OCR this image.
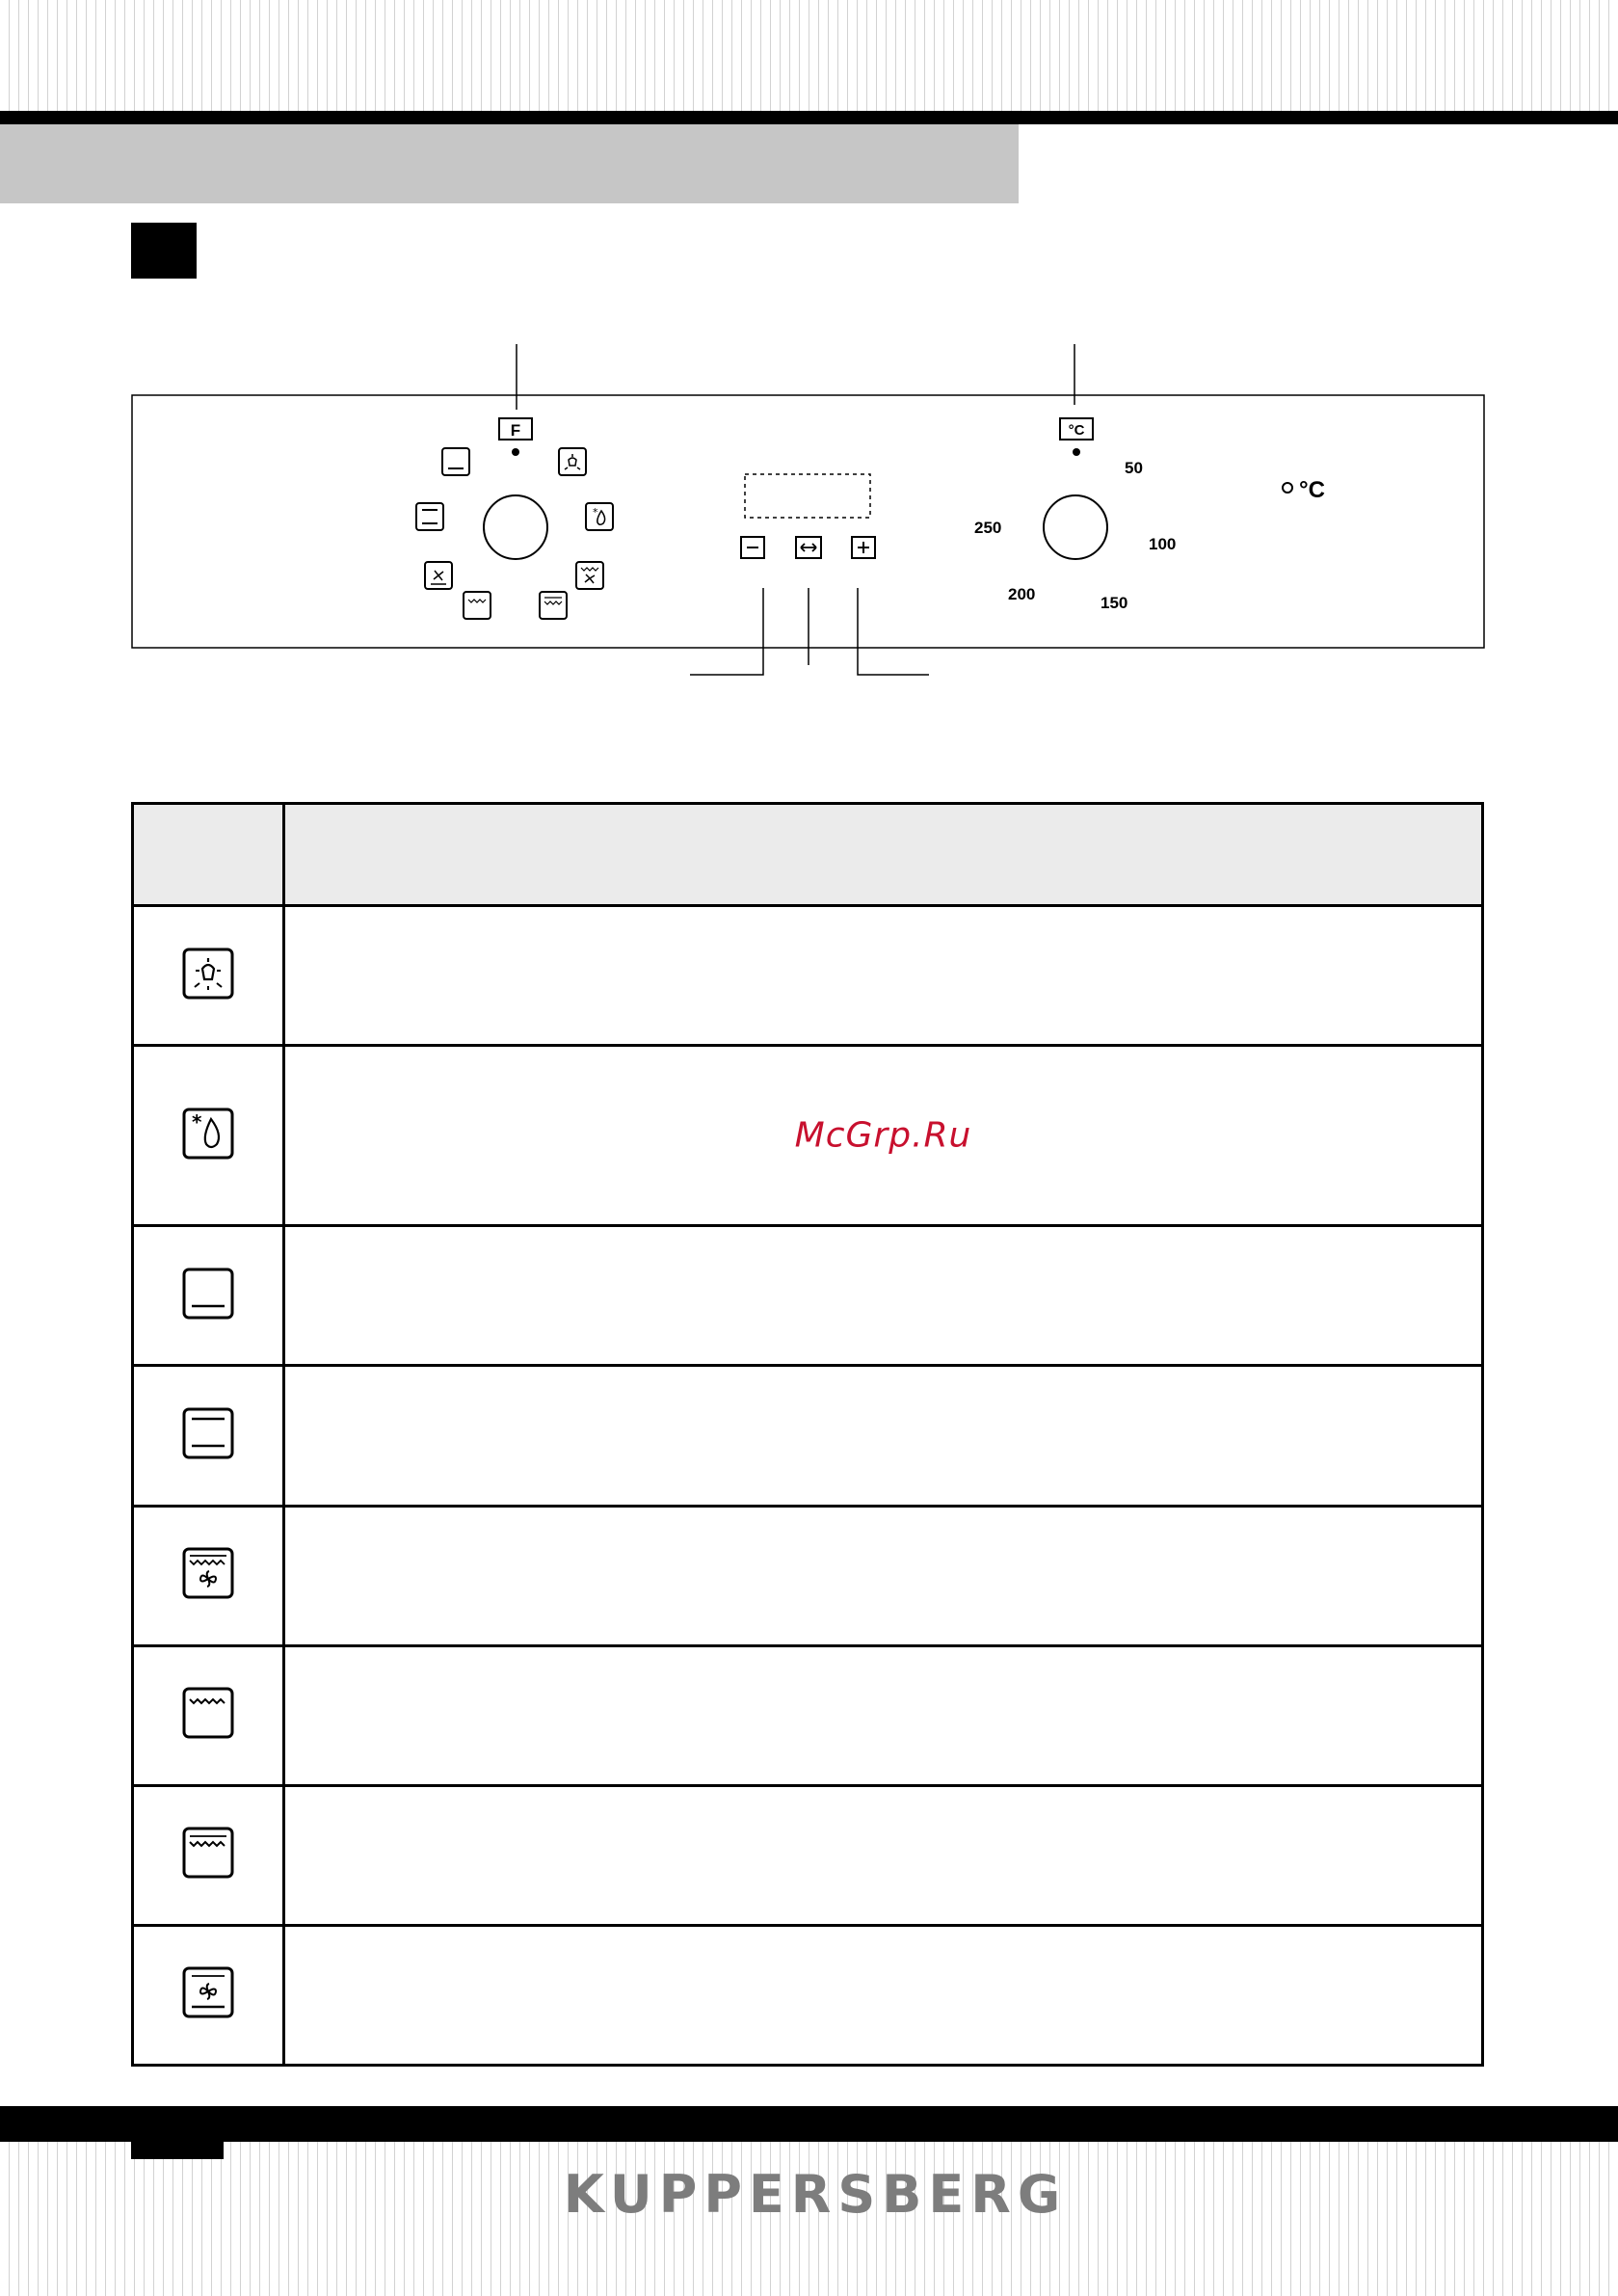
F
*
°C
50
100
150
200
250
°C

*	McGrp.Ru

KUPPERSBERG
